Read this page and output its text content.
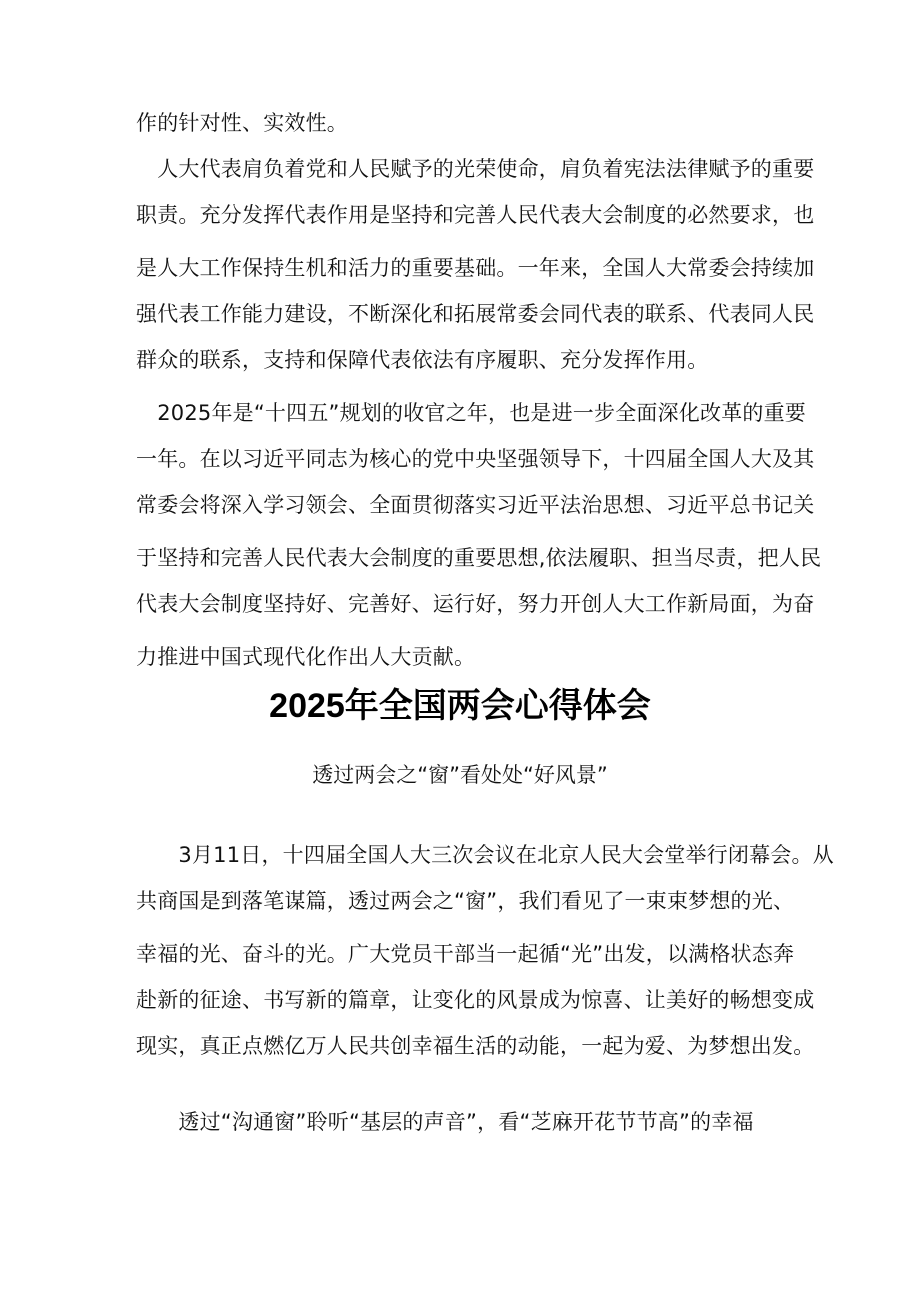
作的针对性、实效性。
　人大代表肩负着党和人民赋予的光荣使命，肩负着宪法法律赋予的重要
职责。充分发挥代表作用是坚持和完善人民代表大会制度的必然要求，也
是人大工作保持生机和活力的重要基础。一年来，全国人大常委会持续加
强代表工作能力建设，不断深化和拓展常委会同代表的联系、代表同人民
群众的联系，支持和保障代表依法有序履职、充分发挥作用。
　2025年是“十四五”规划的收官之年，也是进一步全面深化改革的重要
一年。在以习近平同志为核心的党中央坚强领导下，十四届全国人大及其
常委会将深入学习领会、全面贯彻落实习近平法治思想、习近平总书记关
于坚持和完善人民代表大会制度的重要思想,依法履职、担当尽责，把人民
代表大会制度坚持好、完善好、运行好，努力开创人大工作新局面，为奋
力推进中国式现代化作出人大贡献。
2025年全国两会心得体会
透过两会之“窗”看处处“好风景”
　　3月11日，十四届全国人大三次会议在北京人民大会堂举行闭幕会。从
共商国是到落笔谋篇，透过两会之“窗”，我们看见了一束束梦想的光、
幸福的光、奋斗的光。广大党员干部当一起循“光”出发，以满格状态奔
赴新的征途、书写新的篇章，让变化的风景成为惊喜、让美好的畅想变成
现实，真正点燃亿万人民共创幸福生活的动能，一起为爱、为梦想出发。
　　透过“沟通窗”聆听“基层的声音”，看“芝麻开花节节高”的幸福
